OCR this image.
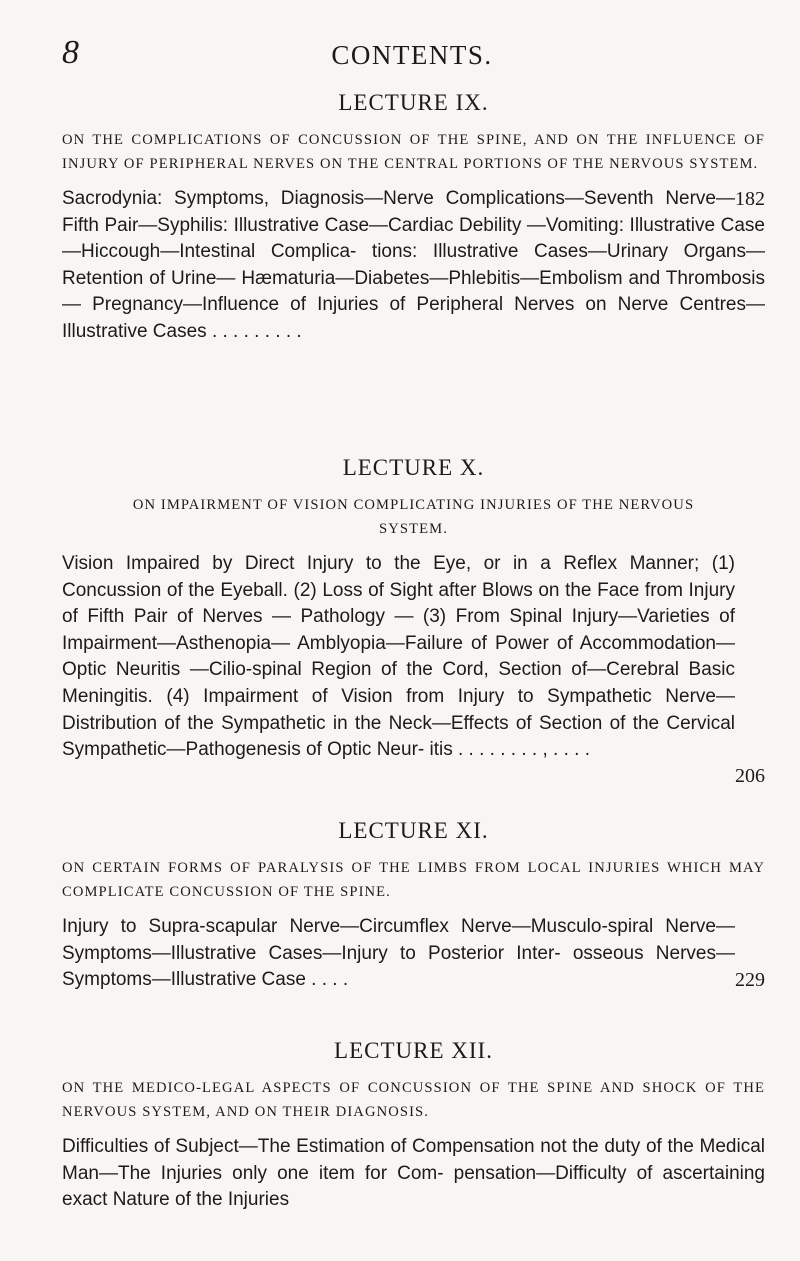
8	CONTENTS.
LECTURE IX.

ON THE COMPLICATIONS OF CONCUSSION OF THE SPINE, AND ON THE INFLUENCE OF INJURY OF PERIPHERAL NERVES ON THE CENTRAL PORTIONS OF THE NERVOUS SYSTEM.

182
Sacrodynia: Symptoms, Diagnosis—Nerve Complications—Seventh Nerve—Fifth Pair—Syphilis: Illustrative Case—Cardiac Debility —Vomiting: Illustrative Case—Hiccough—Intestinal Complica- tions: Illustrative Cases—Urinary Organs—Retention of Urine— Hæmaturia—Diabetes—Phlebitis—Embolism and Thrombosis— Pregnancy—Influence of Injuries of Peripheral Nerves on Nerve Centres—Illustrative Cases . . . . . . . . .

LECTURE X.

ON IMPAIRMENT OF VISION COMPLICATING INJURIES OF THE NERVOUS SYSTEM.

206
Vision Impaired by Direct Injury to the Eye, or in a Reflex Manner; (1) Concussion of the Eyeball. (2) Loss of Sight after Blows on the Face from Injury of Fifth Pair of Nerves — Pathology — (3) From Spinal Injury—Varieties of Impairment—Asthenopia— Amblyopia—Failure of Power of Accommodation—Optic Neuritis —Cilio-spinal Region of the Cord, Section of—Cerebral Basic Meningitis. (4) Impairment of Vision from Injury to Sympathetic Nerve—Distribution of the Sympathetic in the Neck—Effects of Section of the Cervical Sympathetic—Pathogenesis of Optic Neur- itis . . . . . . . . , . . . .

LECTURE XI.

ON CERTAIN FORMS OF PARALYSIS OF THE LIMBS FROM LOCAL INJURIES WHICH MAY COMPLICATE CONCUSSION OF THE SPINE.

229
Injury to Supra-scapular Nerve—Circumflex Nerve—Musculo-spiral Nerve—Symptoms—Illustrative Cases—Injury to Posterior Inter- osseous Nerves—Symptoms—Illustrative Case . . . .

LECTURE XII.

ON THE MEDICO-LEGAL ASPECTS OF CONCUSSION OF THE SPINE AND SHOCK OF THE NERVOUS SYSTEM, AND ON THEIR DIAGNOSIS.

Difficulties of Subject—The Estimation of Compensation not the duty of the Medical Man—The Injuries only one item for Com- pensation—Difficulty of ascertaining exact Nature of the Injuries
